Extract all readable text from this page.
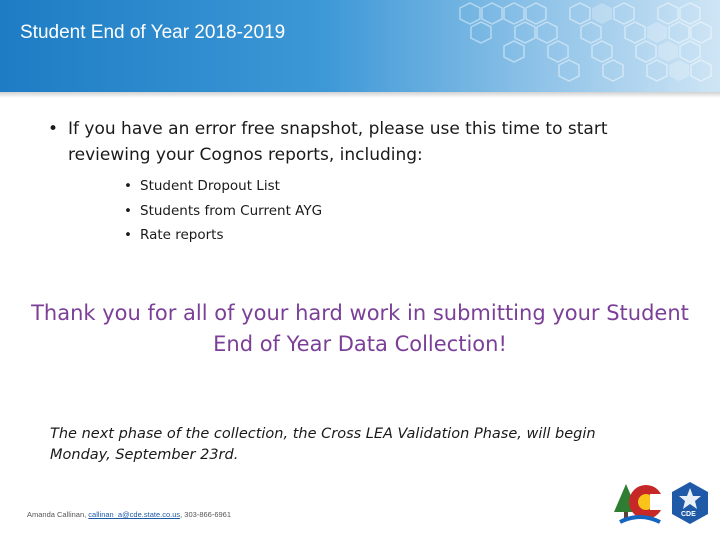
Student End of Year 2018-2019
• If you have an error free snapshot, please use this time to start reviewing your Cognos reports, including:
• Student Dropout List
• Students from Current AYG
• Rate reports
Thank you for all of your hard work in submitting your Student End of Year Data Collection!
The next phase of the collection, the Cross LEA Validation Phase, will begin Monday, September 23rd.
Amanda Callinan, callinan_a@cde.state.co.us, 303-866-6961	CDE
